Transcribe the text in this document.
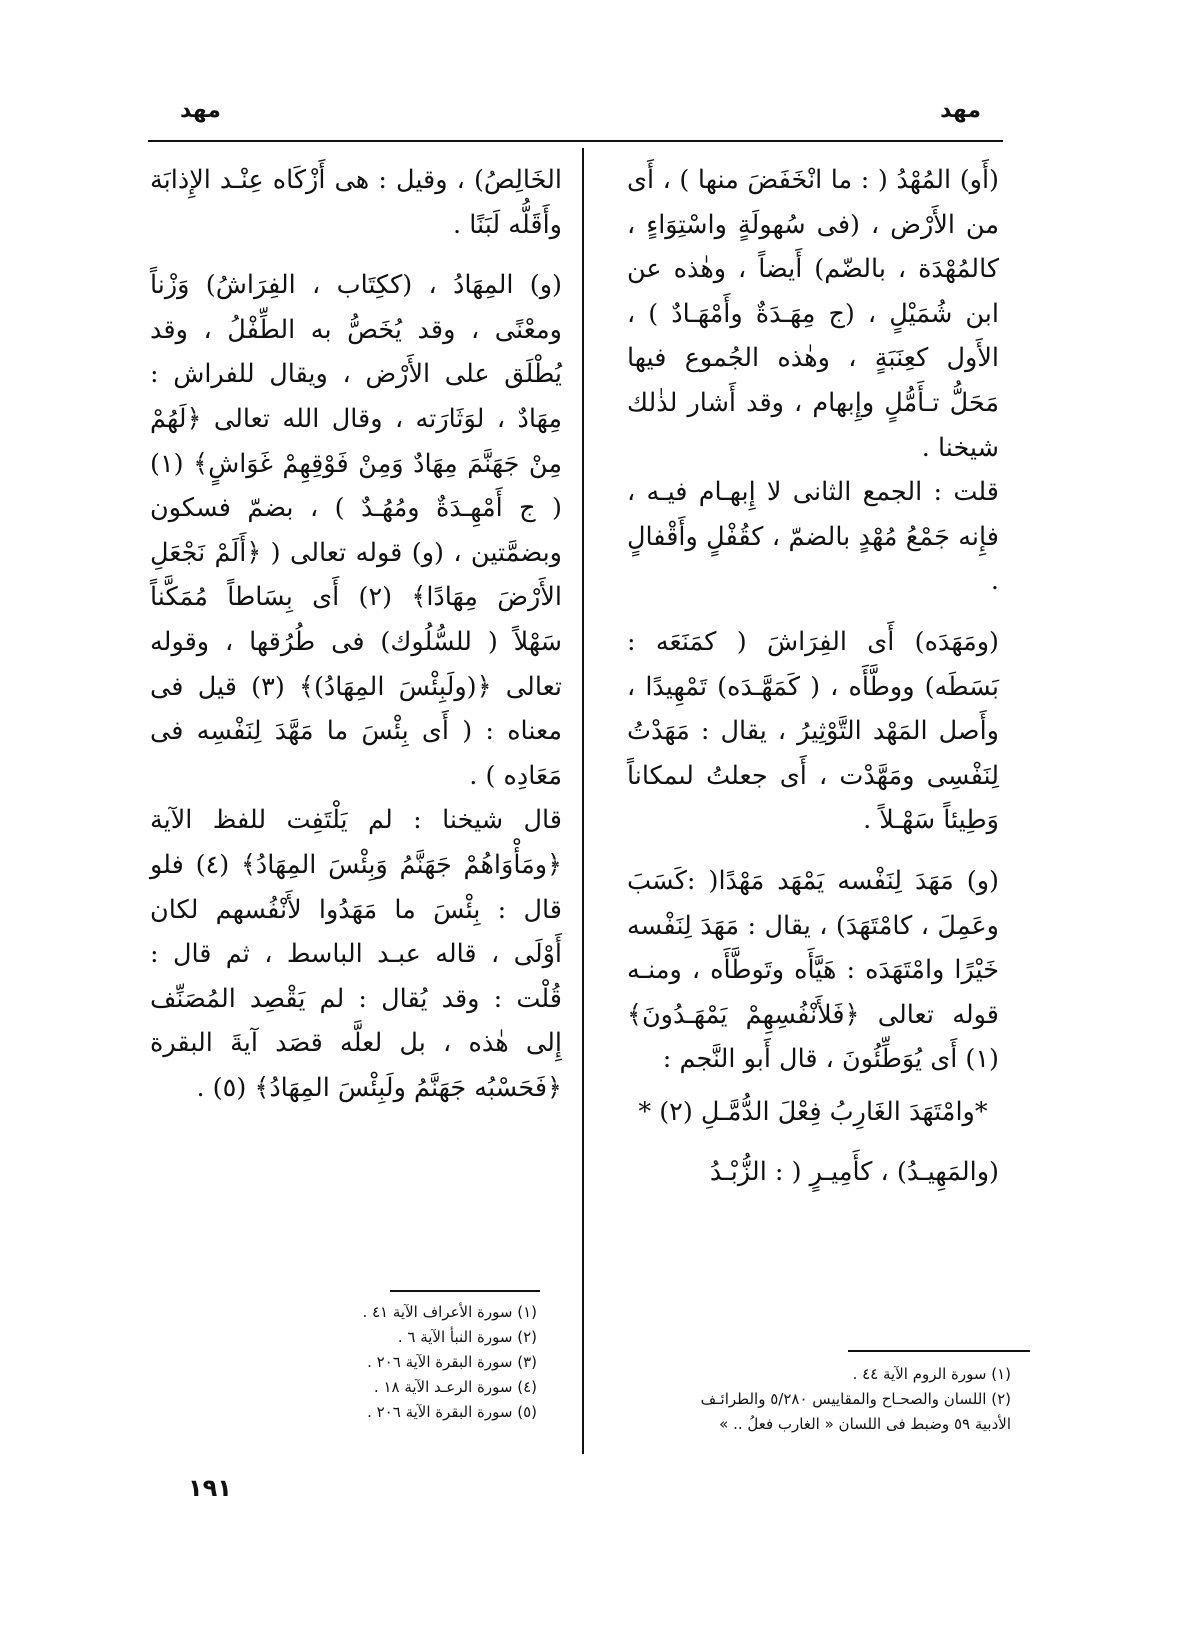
مهد
مهد

(أَو) المُهْدُ ( : ما انْخَفَضَ منها ) ، أَى من الأَرْض ، (فى سُهولَةٍ واسْتِوَاءٍ ، كالمُهْدَة ، بالضّم) أَيضاً ، وهٰذه عن ابن شُمَيْلٍ ، (ج مِهَـدَةٌ وأَمْهَـادٌ ) ، الأَول كعِنَبَةٍ ، وهٰذه الجُموع فيها مَحَلُّ تـأَمُّلٍ وإِبهام ، وقد أَشار لذٰلك شيخنا .

قلت : الجمع الثانى لا إِبهـام فيـه ، فإِنه جَمْعُ مُهْدٍ بالضمّ ، كقُفْلٍ وأَقْفالٍ .

(ومَهَدَه) أَى الفِرَاشَ ( كمَنَعَه : بَسَطَه) ووطَّأَه ، ( كَمَهَّـدَه) تَمْهِيدًا ، وأَصل المَهْد التَّوْثِيرُ ، يقال : مَهَدْتُ لِنَفْسِى ومَهَّدْت ، أَى جعلتُ لىمكاناً وَطِيئاً سَهْـلاً .

(و) مَهَدَ لِنَفْسه يَمْهَد مَهْدًا( :كَسَبَ وعَمِلَ ، كامْتَهَدَ) ، يقال : مَهَدَ لِنَفْسه خَيْرًا وامْتَهَدَه : هَيَّأَه وتَوطَّأَه ، ومنـه قوله تعالى ﴿فَلأَنْفُسِهِمْ يَمْهَـدُونَ﴾ (١) أَى يُوَطِّئُونَ ، قال أَبو النَّجم :

*وامْتَهَدَ الغَارِبُ فِعْلَ الدُّمَّـلِ (٢) *

(والمَهِيـدُ) ، كأَمِيـرٍ ( : الزُّبْـدُ

الخَالِصُ) ، وقيل : هى أَزْكَاه عِنْـد الإِذابَة وأَقَلُّه لَبَنًا .

(و) المِهَادُ ، (ككِتَاب ، الفِرَاشُ) وَزْناً ومعْنًى ، وقد يُخَصُّ به الطِّفْلُ ، وقد يُطْلَق على الأَرْض ، ويقال للفراش : مِهَادٌ ، لوَثَارَته ، وقال الله تعالى ﴿لَهُمْ مِنْ جَهَنَّمَ مِهَادٌ وَمِنْ فَوْقِهِمْ غَوَاشٍ﴾ (١) ( ج أَمْهِـدَةٌ ومُهُـدٌ ) ، بضمّ فسكون وبضمَّتين ، (و) قوله تعالى ( ﴿أَلَمْ نَجْعَلِ الأَرْضَ مِهَادًا﴾ (٢) أَى بِسَاطاً مُمَكَّناً سَهْلاً ( للسُّلُوك) فى طُرُقها ، وقوله تعالى ﴿(ولَبِئْسَ المِهَادُ)﴾ (٣) قيل فى معناه : ( أَى بِئْسَ ما مَهَّدَ لِنَفْسِه فى مَعَادِه ) .

قال شيخنا : لم يَلْتَفِت للفظ الآية ﴿ومَأْوَاهُمْ جَهَنَّمُ وَبِئْسَ المِهَادُ﴾ (٤) فلو قال : بِئْسَ ما مَهَدُوا لأَنْفُسهم لكان أَوْلَى ، قاله عبـد الباسط ، ثم قال : قُلْت : وقد يُقال : لم يَقْصِد المُصَنِّف إِلى هٰذه ، بل لعلَّه قصَد آيةَ البقرة ﴿فَحَسْبُه جَهَنَّمُ ولَبِئْسَ المِهَادُ﴾ (٥) .

(١) سورة الأعراف الآية ٤١ .
(٢) سورة النبأ الآية ٦ .
(٣) سورة البقرة الآية ٢٠٦ .
(٤) سورة الرعـد الآية ١٨ .
(٥) سورة البقرة الآية ٢٠٦ .
(١) سورة الروم الآية ٤٤ .
(٢) اللسان والصحـاح والمقاييس ٥/٢٨٠ والطرائـف
الأدبية ٥٩ وضبط فى اللسان « الغارب فعلُ .. »
١٩١
